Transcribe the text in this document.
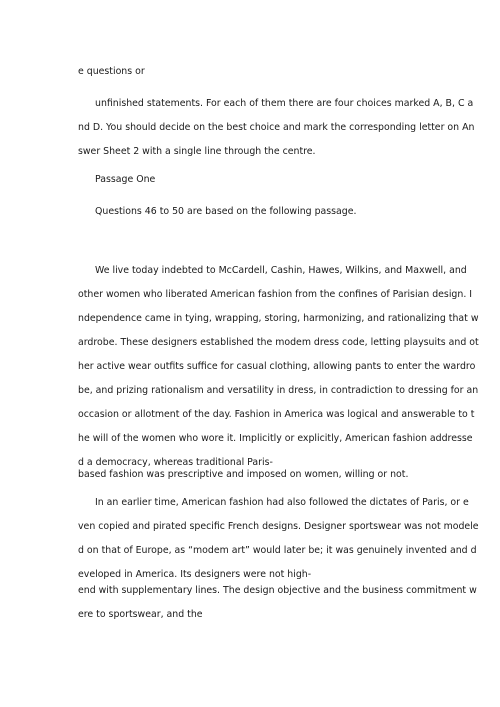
e questions or
unfinished statements. For each of them there are four choices marked A, B, C a
nd D. You should decide on the best choice and mark the corresponding letter on An
swer Sheet 2 with a single line through the centre.
Passage One
Questions 46 to 50 are based on the following passage.
We live today indebted to McCardell, Cashin, Hawes, Wilkins, and Maxwell, and
other women who liberated American fashion from the confines of Parisian design. I
ndependence came in tying, wrapping, storing, harmonizing, and rationalizing that w
ardrobe. These designers established the modem dress code, letting playsuits and ot
her active wear outfits suffice for casual clothing, allowing pants to enter the wardro
be, and prizing rationalism and versatility in dress, in contradiction to dressing for an
occasion or allotment of the day. Fashion in America was logical and answerable to t
he will of the women who wore it. Implicitly or explicitly, American fashion addresse
d a democracy, whereas traditional Paris-
based fashion was prescriptive and imposed on women, willing or not.
In an earlier time, American fashion had also followed the dictates of Paris, or e
ven copied and pirated specific French designs. Designer sportswear was not modele
d on that of Europe, as “modem art” would later be; it was genuinely invented and d
eveloped in America. Its designers were not high-
end with supplementary lines. The design objective and the business commitment w
ere to sportswear, and the
